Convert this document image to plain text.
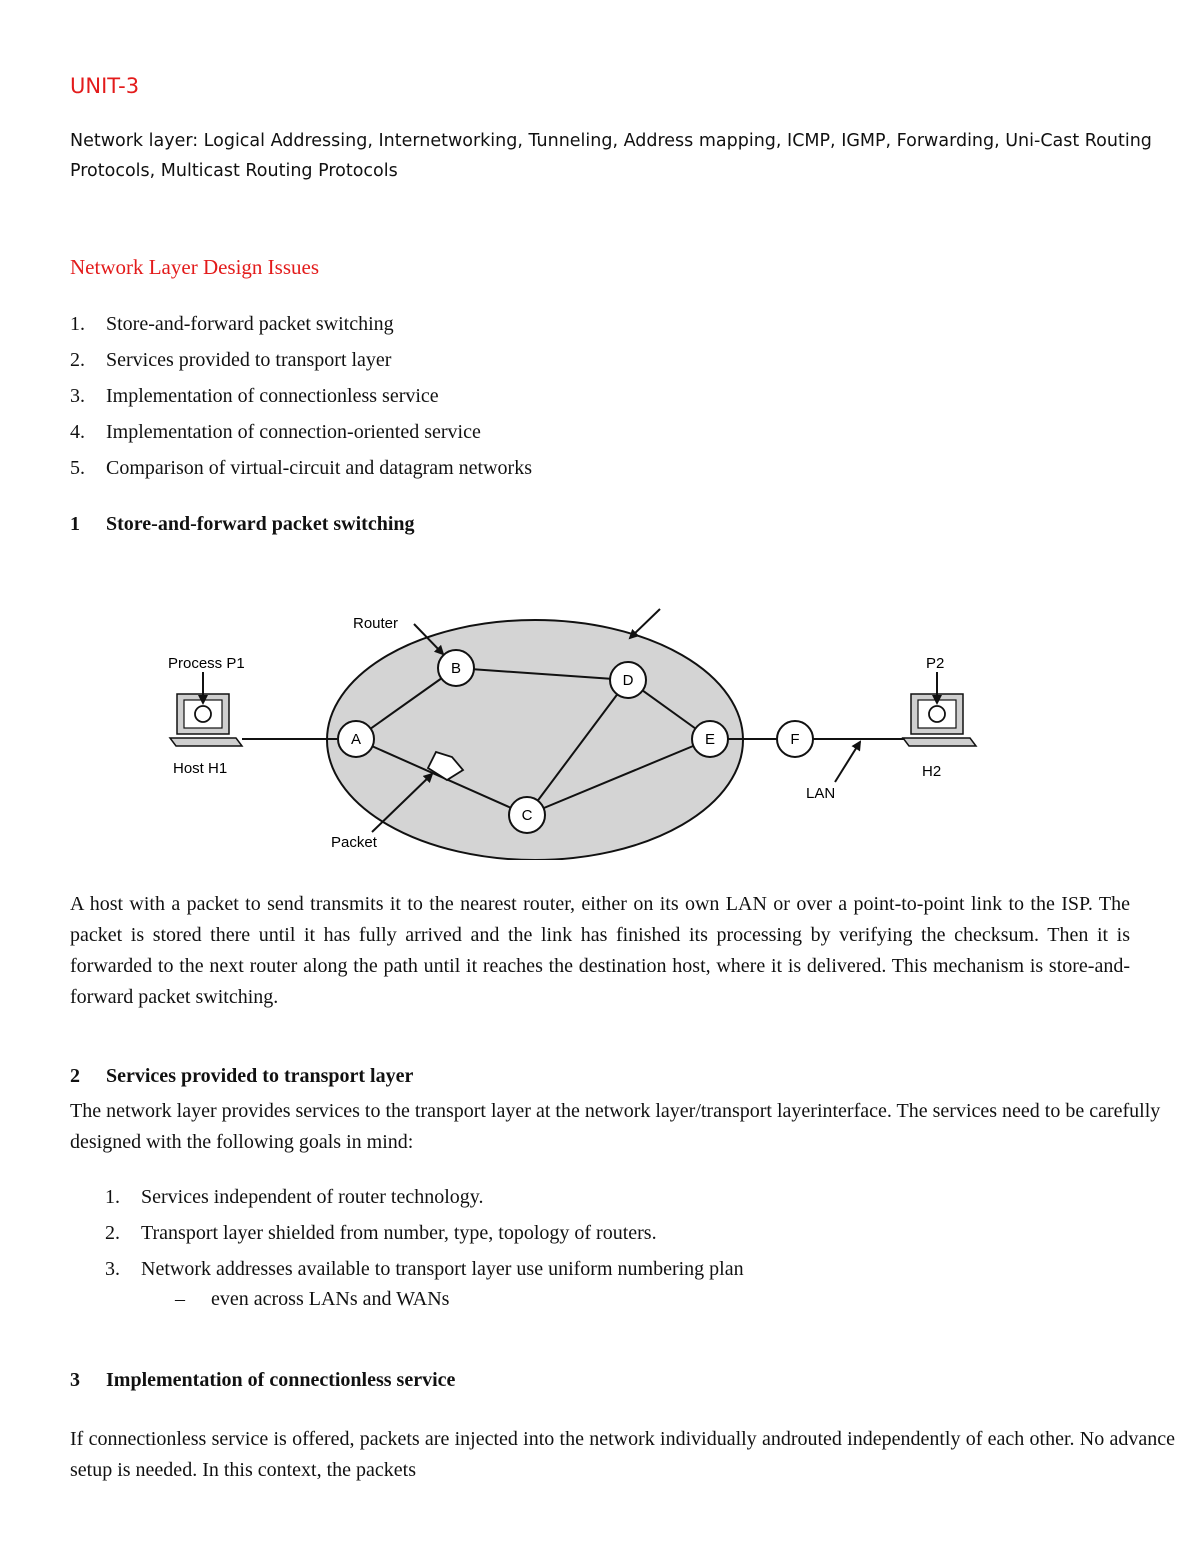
UNIT-3
Network layer: Logical Addressing, Internetworking, Tunneling, Address mapping, ICMP, IGMP, Forwarding, Uni-Cast Routing Protocols, Multicast Routing Protocols
Network Layer Design Issues
1. Store-and-forward packet switching
2. Services provided to transport layer
3. Implementation of connectionless service
4. Implementation of connection-oriented service
5. Comparison of virtual-circuit and datagram networks
1 Store-and-forward packet switching
A
B
C
D
E	F
Router
Process P1
Host H1
Packet
P2
H2
LAN
A host with a packet to send transmits it to the nearest router, either on its own LAN or over a point-to-point link to the ISP. The packet is stored there until it has fully arrived and the link has finished its processing by verifying the checksum. Then it is forwarded to the next router along the path until it reaches the destination host, where it is delivered. This mechanism is store-and-forward packet switching.
2 Services provided to transport layer
The network layer provides services to the transport layer at the network layer/transport layerinterface. The services need to be carefully designed with the following goals in mind:
1. Services independent of router technology.
2. Transport layer shielded from number, type, topology of routers.
3. Network addresses available to transport layer use uniform numbering plan
– even across LANs and WANs
3 Implementation of connectionless service
If connectionless service is offered, packets are injected into the network individually androuted independently of each other. No advance setup is needed. In this context, the packets
